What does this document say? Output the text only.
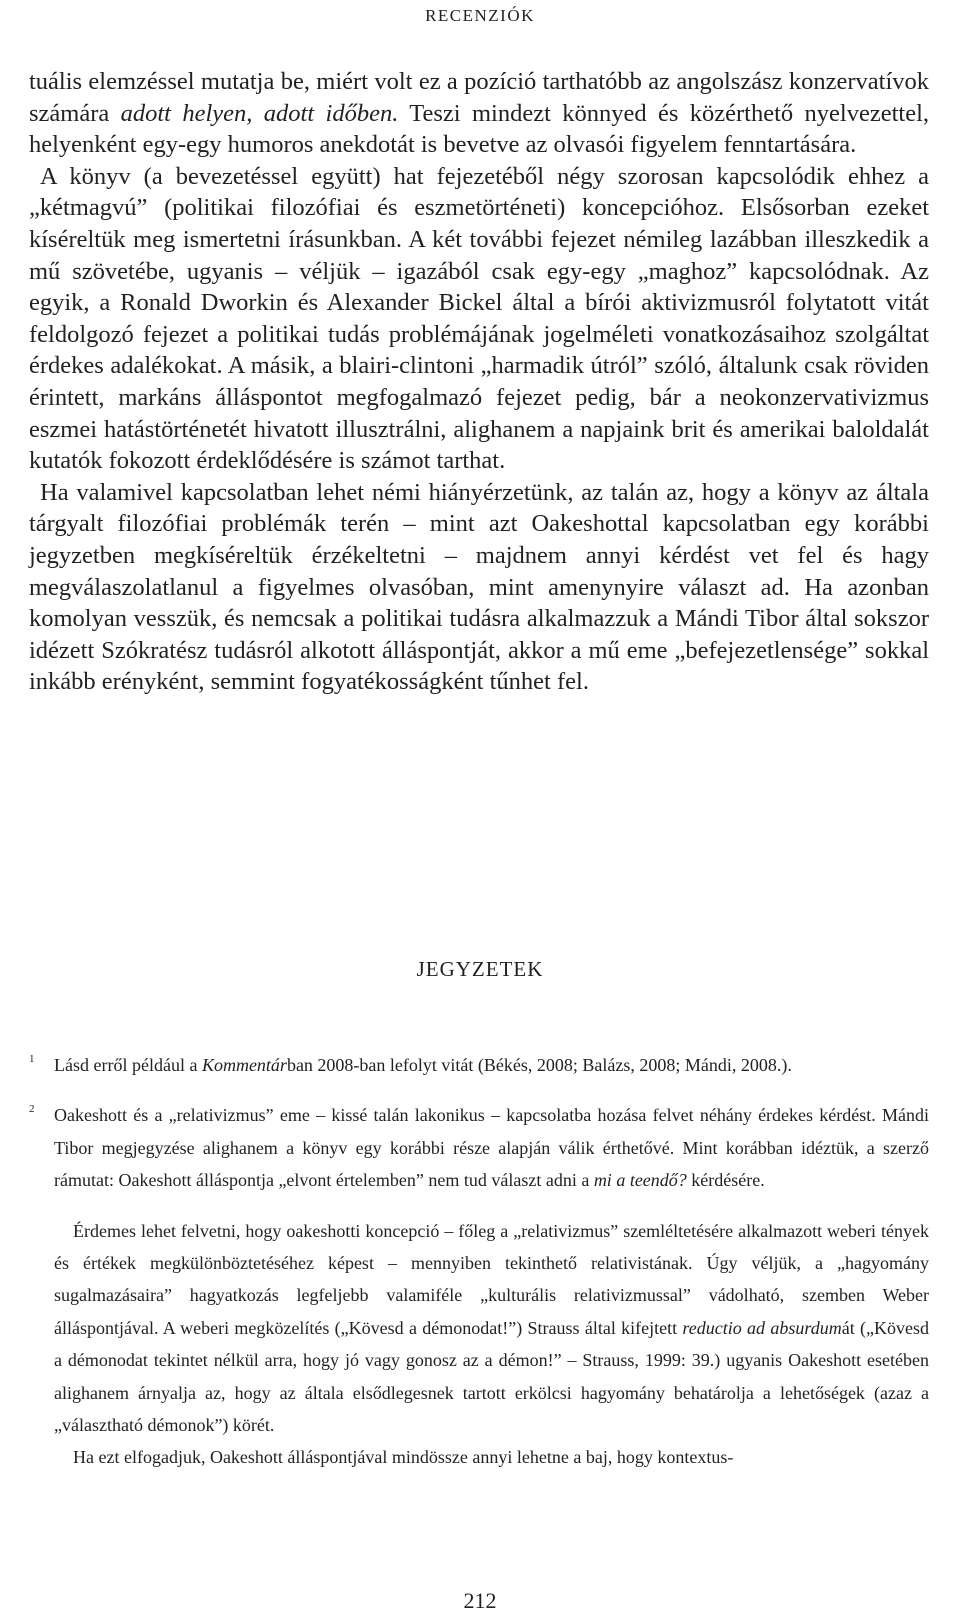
RECENZIÓK

tuális elemzéssel mutatja be, miért volt ez a pozíció tarthatóbb az angolszász konzervatívok számára adott helyen, adott időben. Teszi mindezt könnyed és közérthető nyelvezettel, helyenként egy-egy humoros anekdotát is bevetve az olvasói figyelem fenntartására.

A könyv (a bevezetéssel együtt) hat fejezetéből négy szorosan kapcsolódik ehhez a „kétmagvú” (politikai filozófiai és eszmetörténeti) koncepcióhoz. Elsősorban ezeket kíséreltük meg ismertetni írásunkban. A két további fejezet némileg lazábban illeszkedik a mű szövetébe, ugyanis – véljük – igazából csak egy-egy „maghoz” kapcsolódnak. Az egyik, a Ronald Dworkin és Alexander Bickel által a bírói aktivizmusról folytatott vitát feldolgozó fejezet a politikai tudás problémájának jogelméleti vonatkozásaihoz szolgáltat érdekes adalékokat. A másik, a blairi-clintoni „harmadik útról” szóló, általunk csak röviden érintett, markáns álláspontot megfogalmazó fejezet pedig, bár a neokonzervativizmus eszmei hatástörténetét hivatott illusztrálni, alighanem a napjaink brit és amerikai baloldalát kutatók fokozott érdeklődésére is számot tarthat.

Ha valamivel kapcsolatban lehet némi hiányérzetünk, az talán az, hogy a könyv az általa tárgyalt filozófiai problémák terén – mint azt Oakeshottal kapcsolatban egy korábbi jegyzetben megkíséreltük érzékeltetni – majdnem annyi kérdést vet fel és hagy megválaszolatlanul a figyelmes olvasóban, mint amenynyire választ ad. Ha azonban komolyan vesszük, és nemcsak a politikai tudásra alkalmazzuk a Mándi Tibor által sokszor idézett Szókratész tudásról alkotott álláspontját, akkor a mű eme „befejezetlensége” sokkal inkább erényként, semmint fogyatékosságként tűnhet fel.

JEGYZETEK
1 Lásd erről például a Kommentárban 2008-ban lefolyt vitát (Békés, 2008; Balázs, 2008; Mándi, 2008.).

2 Oakeshott és a „relativizmus” eme – kissé talán lakonikus – kapcsolatba hozása felvet néhány érdekes kérdést. Mándi Tibor megjegyzése alighanem a könyv egy korábbi része alapján válik érthetővé. Mint korábban idéztük, a szerző rámutat: Oakeshott álláspontja „elvont értelemben” nem tud választ adni a mi a teendő? kérdésére.

Érdemes lehet felvetni, hogy oakeshotti koncepció – főleg a „relativizmus” szemléltetésére alkalmazott weberi tények és értékek megkülönböztetéséhez képest – mennyiben tekinthető relativistának. Úgy véljük, a „hagyomány sugalmazásaira” hagyatkozás legfeljebb valamiféle „kulturális relativizmussal” vádolható, szemben Weber álláspontjával. A weberi megközelítés („Kövesd a démonodat!”) Strauss által kifejtett reductio ad absurdumát („Kövesd a démonodat tekintet nélkül arra, hogy jó vagy gonosz az a démon!” – Strauss, 1999: 39.) ugyanis Oakeshott esetében alighanem árnyalja az, hogy az általa elsődlegesnek tartott erkölcsi hagyomány behatárolja a lehetőségek (azaz a „választható démonok”) körét.

Ha ezt elfogadjuk, Oakeshott álláspontjával mindössze annyi lehetne a baj, hogy kontextus-

212
